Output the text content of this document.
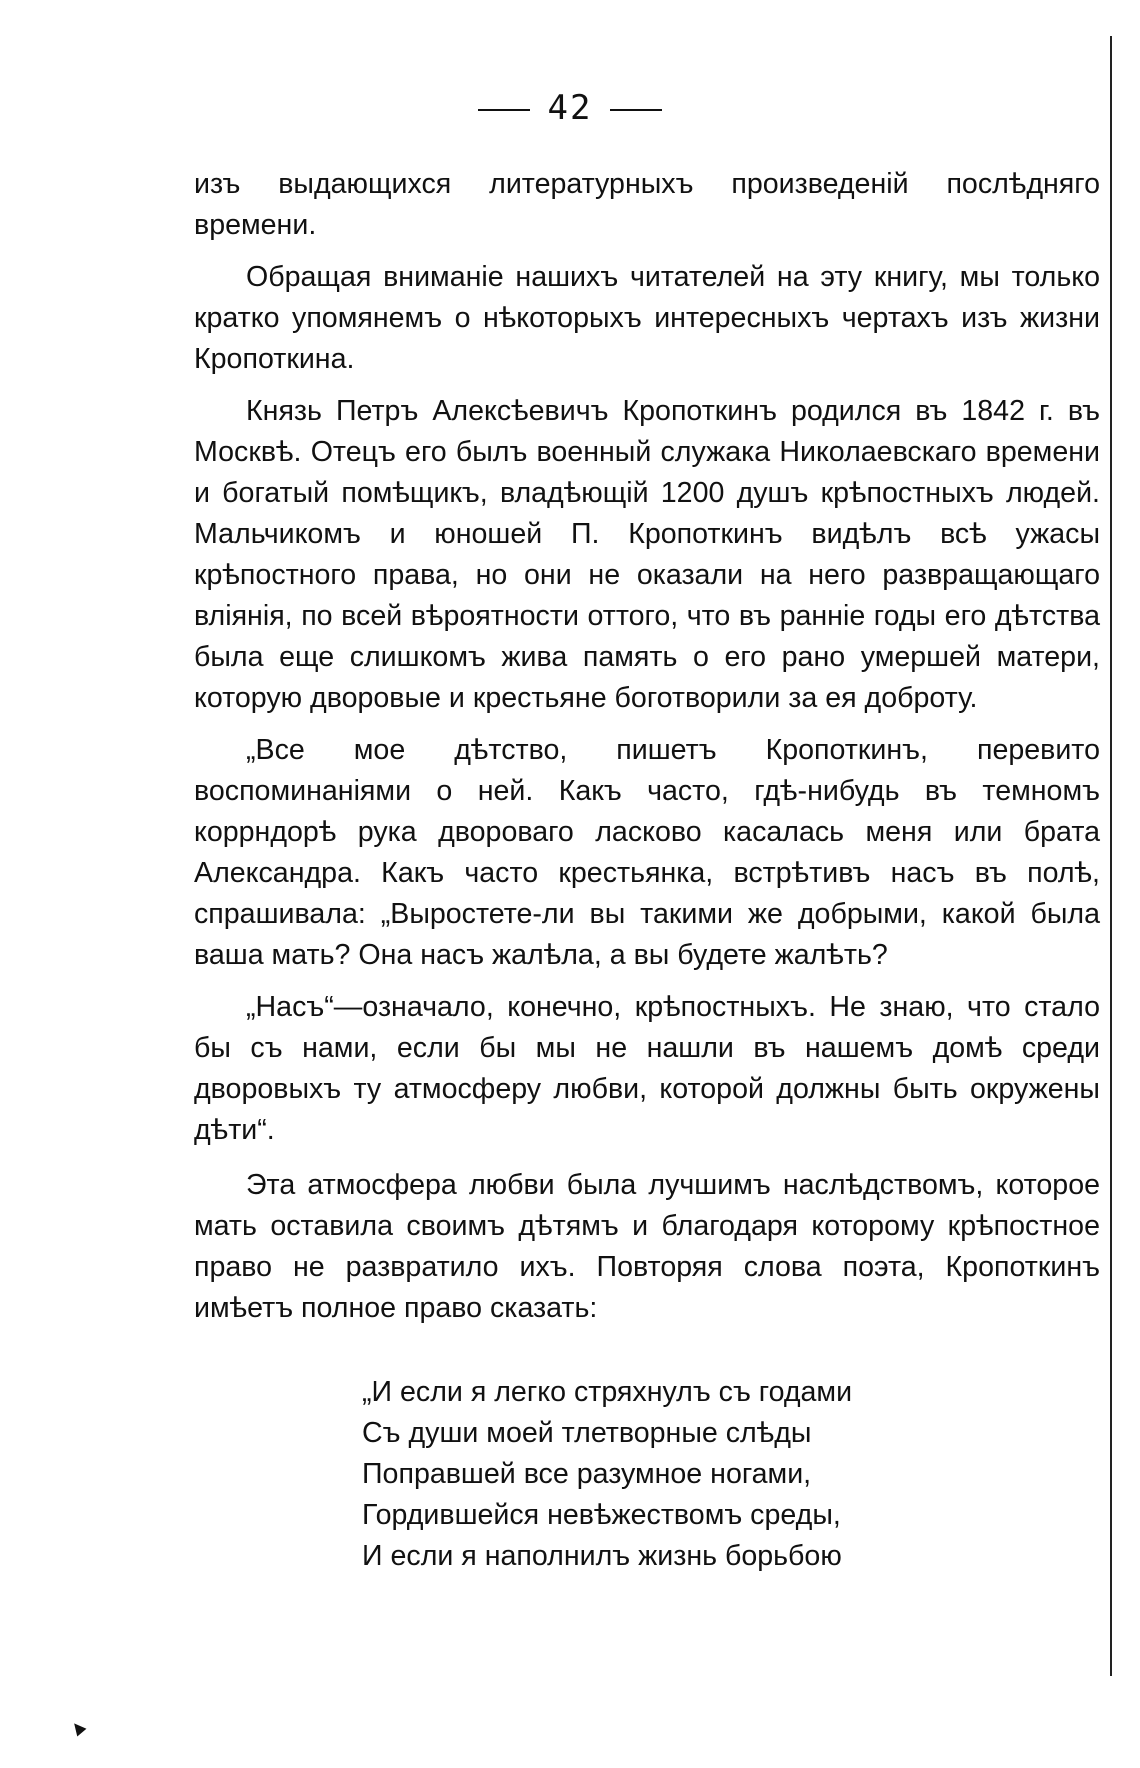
42

изъ выдающихся литературныхъ произведенiй послѣдняго времени.

Обращая вниманiе нашихъ читателей на эту книгу, мы только кратко упомянемъ о нѣкоторыхъ интересныхъ чертахъ изъ жизни Кропоткина.

Князь Петръ Алексѣевичъ Кропоткинъ родился въ 1842 г. въ Москвѣ. Отецъ его былъ военный служака Николаевскаго времени и богатый помѣщикъ, владѣющiй 1200 душъ крѣпостныхъ людей. Мальчикомъ и юношей П. Кропоткинъ видѣлъ всѣ ужасы крѣпостного права, но они не оказали на него развращающаго влiянiя, по всей вѣроятности оттого, что въ раннiе годы его дѣтства была еще слишкомъ жива память о его рано умершей матери, которую дворовые и крестьяне боготворили за ея доброту.

„Все мое дѣтство, пишетъ Кропоткинъ, перевито воспоминанiями о ней. Какъ часто, гдѣ-нибудь въ темномъ коррндорѣ рука двороваго ласково касалась меня или брата Александра. Какъ часто крестьянка, встрѣтивъ насъ въ полѣ, спрашивала: „Выростете-ли вы такими же добрыми, какой была ваша мать? Она насъ жалѣла, а вы будете жалѣть?

„Насъ“—означало, конечно, крѣпостныхъ. Не знаю, что стало бы съ нами, если бы мы не нашли въ нашемъ домѣ среди дворовыхъ ту атмосферу любви, которой должны быть окружены дѣти“.

Эта атмосфера любви была лучшимъ наслѣдствомъ, которое мать оставила своимъ дѣтямъ и благодаря которому крѣпостное право не развратило ихъ. Повторяя слова поэта, Кропоткинъ имѣетъ полное право сказать:

„И если я легко стряхнулъ съ годами
Съ души моей тлетворные слѣды
Поправшей все разумное ногами,
Гордившейся невѣжествомъ среды,
И если я наполнилъ жизнь борьбою
